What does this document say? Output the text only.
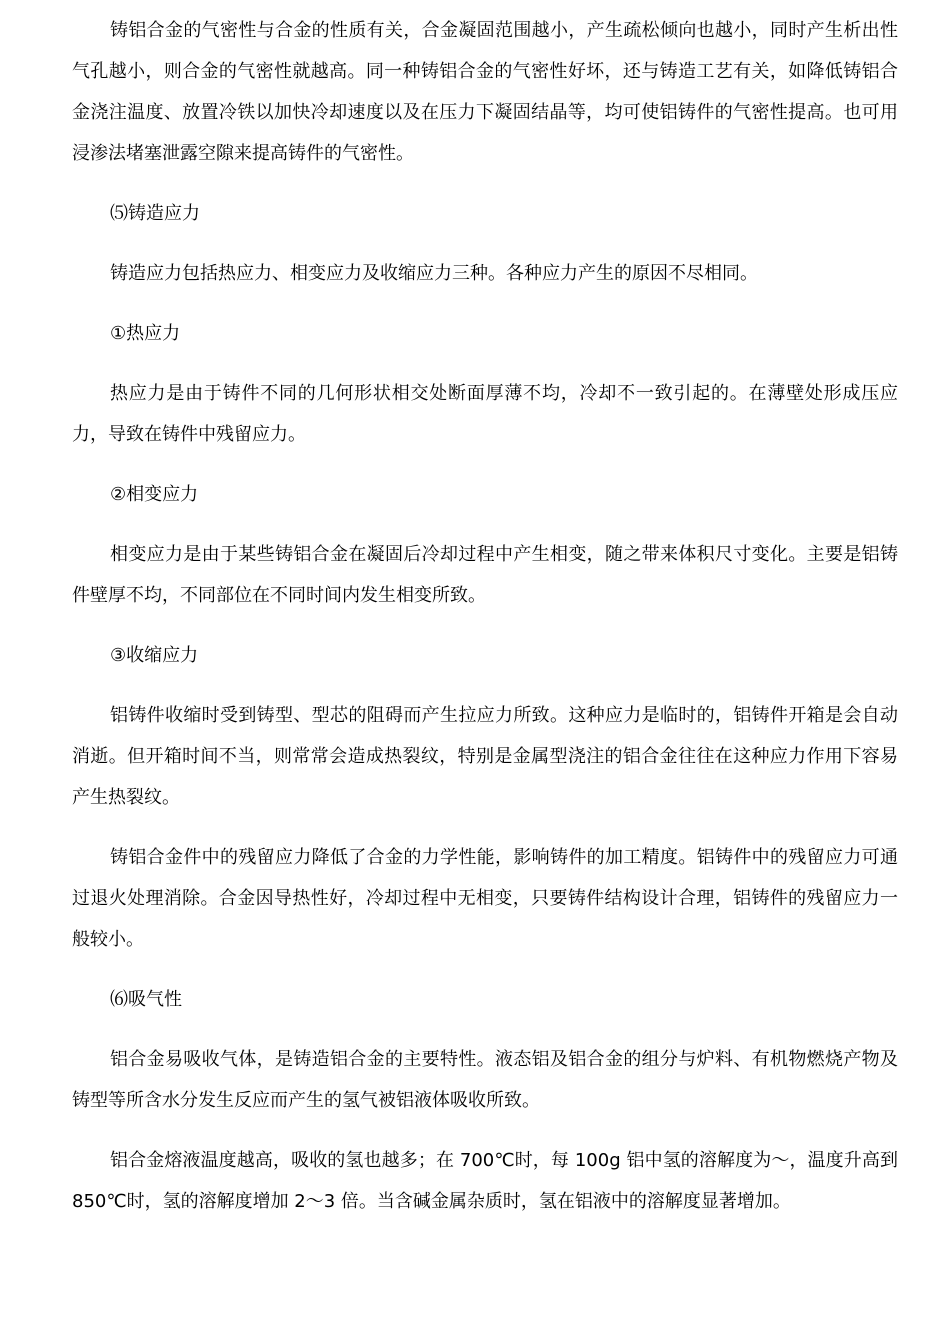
铸铝合金的气密性与合金的性质有关，合金凝固范围越小，产生疏松倾向也越小，同时产生析出性气孔越小，则合金的气密性就越高。同一种铸铝合金的气密性好坏，还与铸造工艺有关，如降低铸铝合金浇注温度、放置冷铁以加快冷却速度以及在压力下凝固结晶等，均可使铝铸件的气密性提高。也可用浸渗法堵塞泄露空隙来提高铸件的气密性。

⑸铸造应力

铸造应力包括热应力、相变应力及收缩应力三种。各种应力产生的原因不尽相同。

①热应力

热应力是由于铸件不同的几何形状相交处断面厚薄不均，冷却不一致引起的。在薄壁处形成压应力，导致在铸件中残留应力。

②相变应力

相变应力是由于某些铸铝合金在凝固后冷却过程中产生相变，随之带来体积尺寸变化。主要是铝铸件壁厚不均，不同部位在不同时间内发生相变所致。

③收缩应力

铝铸件收缩时受到铸型、型芯的阻碍而产生拉应力所致。这种应力是临时的，铝铸件开箱是会自动消逝。但开箱时间不当，则常常会造成热裂纹，特别是金属型浇注的铝合金往往在这种应力作用下容易产生热裂纹。

铸铝合金件中的残留应力降低了合金的力学性能，影响铸件的加工精度。铝铸件中的残留应力可通过退火处理消除。合金因导热性好，冷却过程中无相变，只要铸件结构设计合理，铝铸件的残留应力一般较小。

⑹吸气性

铝合金易吸收气体，是铸造铝合金的主要特性。液态铝及铝合金的组分与炉料、有机物燃烧产物及铸型等所含水分发生反应而产生的氢气被铝液体吸收所致。

铝合金熔液温度越高，吸收的氢也越多；在 700℃时，每 100g 铝中氢的溶解度为～，温度升高到 850℃时，氢的溶解度增加 2～3 倍。当含碱金属杂质时，氢在铝液中的溶解度显著增加。
